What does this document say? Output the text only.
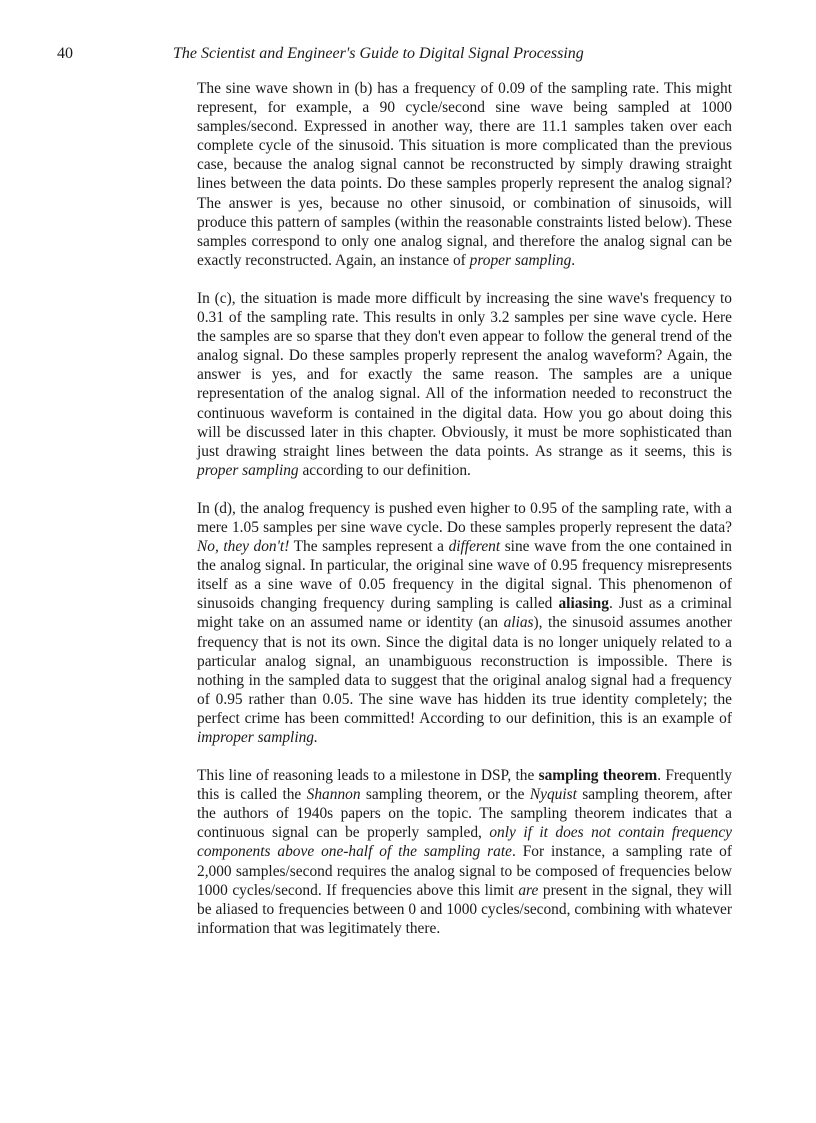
40	The Scientist and Engineer's Guide to Digital Signal Processing

The sine wave shown in (b) has a frequency of 0.09 of the sampling rate. This might represent, for example, a 90 cycle/second sine wave being sampled at 1000 samples/second. Expressed in another way, there are 11.1 samples taken over each complete cycle of the sinusoid. This situation is more complicated than the previous case, because the analog signal cannot be reconstructed by simply drawing straight lines between the data points. Do these samples properly represent the analog signal? The answer is yes, because no other sinusoid, or combination of sinusoids, will produce this pattern of samples (within the reasonable constraints listed below). These samples correspond to only one analog signal, and therefore the analog signal can be exactly reconstructed. Again, an instance of proper sampling.

In (c), the situation is made more difficult by increasing the sine wave's frequency to 0.31 of the sampling rate. This results in only 3.2 samples per sine wave cycle. Here the samples are so sparse that they don't even appear to follow the general trend of the analog signal. Do these samples properly represent the analog waveform? Again, the answer is yes, and for exactly the same reason. The samples are a unique representation of the analog signal. All of the information needed to reconstruct the continuous waveform is contained in the digital data. How you go about doing this will be discussed later in this chapter. Obviously, it must be more sophisticated than just drawing straight lines between the data points. As strange as it seems, this is proper sampling according to our definition.

In (d), the analog frequency is pushed even higher to 0.95 of the sampling rate, with a mere 1.05 samples per sine wave cycle. Do these samples properly represent the data? No, they don't! The samples represent a different sine wave from the one contained in the analog signal. In particular, the original sine wave of 0.95 frequency misrepresents itself as a sine wave of 0.05 frequency in the digital signal. This phenomenon of sinusoids changing frequency during sampling is called aliasing. Just as a criminal might take on an assumed name or identity (an alias), the sinusoid assumes another frequency that is not its own. Since the digital data is no longer uniquely related to a particular analog signal, an unambiguous reconstruction is impossible. There is nothing in the sampled data to suggest that the original analog signal had a frequency of 0.95 rather than 0.05. The sine wave has hidden its true identity completely; the perfect crime has been committed! According to our definition, this is an example of improper sampling.

This line of reasoning leads to a milestone in DSP, the sampling theorem. Frequently this is called the Shannon sampling theorem, or the Nyquist sampling theorem, after the authors of 1940s papers on the topic. The sampling theorem indicates that a continuous signal can be properly sampled, only if it does not contain frequency components above one-half of the sampling rate. For instance, a sampling rate of 2,000 samples/second requires the analog signal to be composed of frequencies below 1000 cycles/second. If frequencies above this limit are present in the signal, they will be aliased to frequencies between 0 and 1000 cycles/second, combining with whatever information that was legitimately there.
